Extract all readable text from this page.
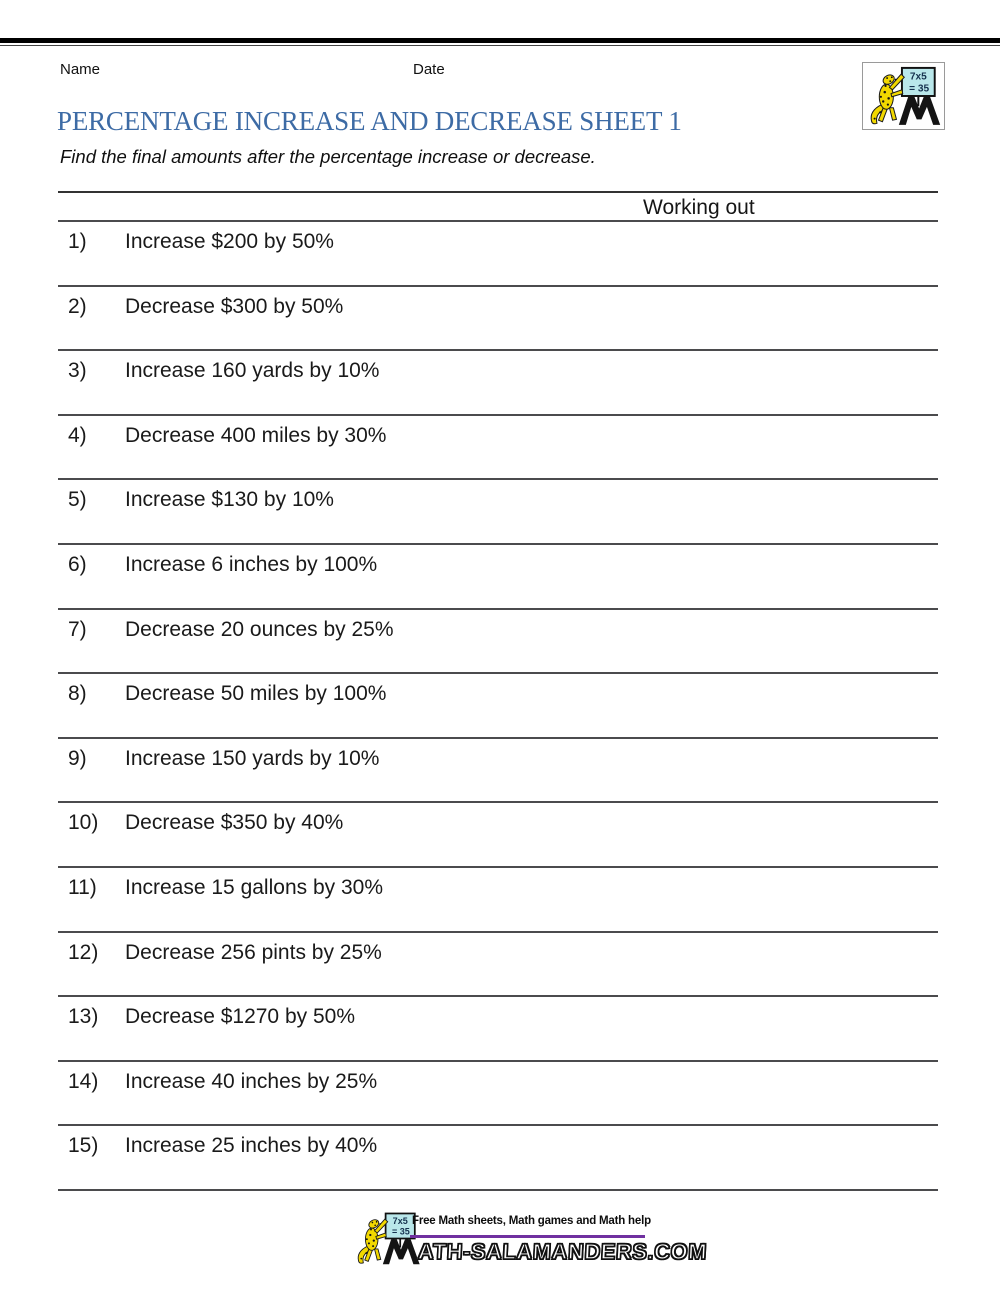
Name	Date
PERCENTAGE INCREASE AND DECREASE SHEET 1
Find the final amounts after the percentage increase or decrease.
Working out
1) Increase $200 by 50%
2) Decrease $300 by 50%
3) Increase 160 yards by 10%
4) Decrease 400 miles by 30%
5) Increase $130 by 10%
6) Increase 6 inches by 100%
7) Decrease 20 ounces by 25%
8) Decrease 50 miles by 100%
9) Increase 150 yards by 10%
10) Decrease $350 by 40%
11) Increase 15 gallons by 30%
12) Decrease 256 pints by 25%
13) Decrease $1270 by 50%
14) Increase 40 inches by 25%
15) Increase 25 inches by 40%
Free Math sheets, Math games and Math help
ATH-SALAMANDERS.COM
